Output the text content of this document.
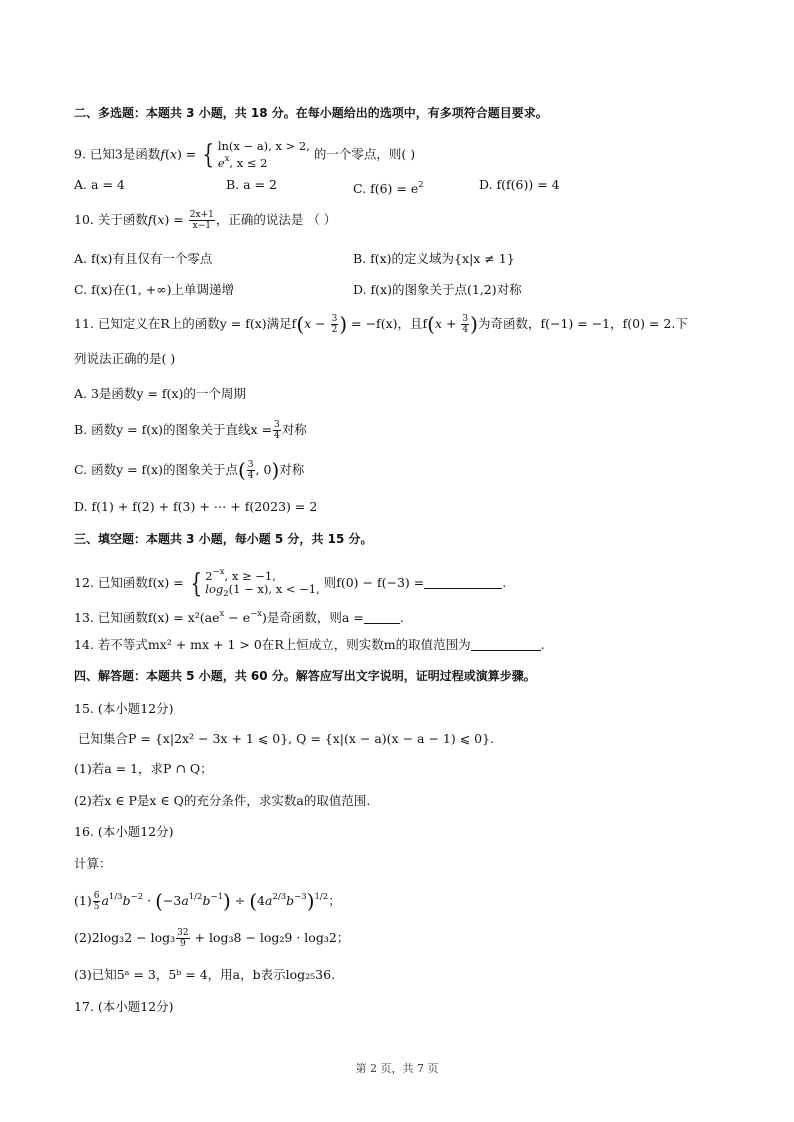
二、多选题：本题共 3 小题，共 18 分。在每小题给出的选项中，有多项符合题目要求。
9. 已知3是函数f(x) = { ln(x − a), x > 2,
$e^x$, x ≤ 2
的一个零点，则( )
A. a = 4	B. a = 2	C. $f(6) = e^2$	D. f(f(6)) = 4
10. 关于函数$f(x) = \frac{2x+1}{x-1}$ ，正确的说法是 （ ）
A. f(x)有且仅有一个零点	B. f(x)的定义域为{x|x ≠ 1}
C. f(x)在(1, +∞)上单调递增	D. f(x)的图象关于点(1,2)对称
11. 已知定义在R上的函数y = f(x)满足$f(x - \frac{3}{2}$ ) = −f(x)，且$f(x + \frac{3}{4}$ )为奇函数，f(−1) = −1，f(0) = 2.下
列说法正确的是( )
A. 3是函数y = f(x)的一个周期
B. 函数y = f(x)的图象关于直线$x = \frac{3}{4}$ 对称
C. 函数y = f(x)的图象关于点( $\frac{3}{4}$ , 0)对称
D. f(1) + f(2) + f(3) + ⋯ + f(2023) = 2
三、填空题：本题共 3 小题，每小题 5 分，共 15 分。
12. 已知函数f(x) = { $2^{-x}$, x ≥ −1,
$\log_2(1 - x)$, x < −1, 则f(0) − f(−3) =	.
13. 已知函数$f(x) = x^2(ae^x - e^{-x})$是奇函数，则a =	.
14. 若不等式mx² + mx + 1 > 0在R上恒成立，则实数m的取值范围为	.
四、解答题：本题共 5 小题，共 60 分。解答应写出文字说明，证明过程或演算步骤。
15. (本小题12分)
已知集合P = {x|2x² − 3x + 1 ⩽ 0}, Q = {x|(x − a)(x − a − 1) ⩽ 0}.
(1)若a = 1，求P ∩ Q；
(2)若x ∈ P是x ∈ Q的充分条件，求实数a的取值范围.
16. (本小题12分)
计算：
$(1) \frac{6}{5} a^{1/3}b^{-2} \cdot (-3a^{1/2}b^{-1}) \div (4a^{2/3}b^{-3})^{1/2}$；
$(2)2\log_32 - \log_3 \frac{32}{9} + \log_38 - \log_29 \cdot \log_32$；
(3)已知5ᵃ = 3，5ᵇ = 4，用a，b表示log₂₅36.
17. (本小题12分)
第 2 页，共 7 页
